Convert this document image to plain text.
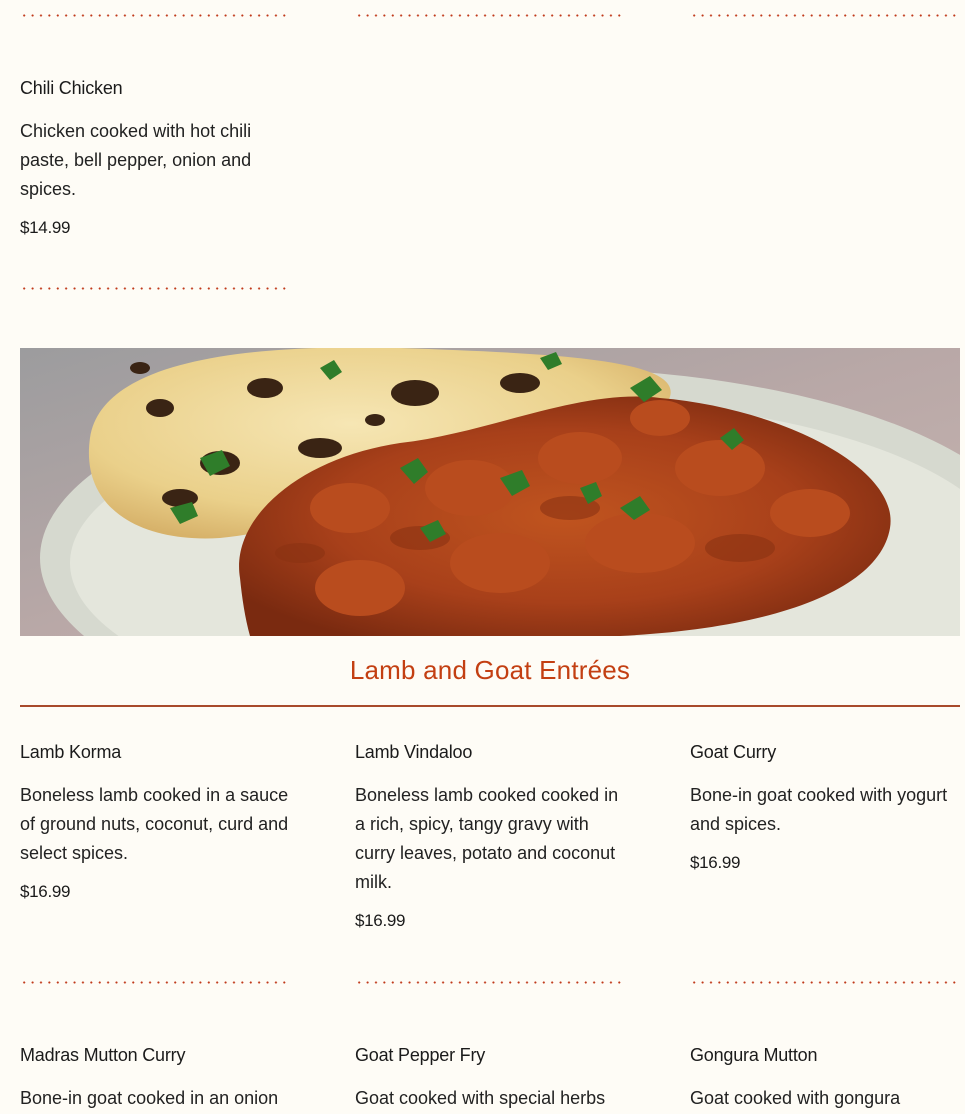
Chili Chicken

Chicken cooked with hot chili paste, bell pepper, onion and spices.

$14.99

Lamb and Goat Entrées
Lamb Korma

Boneless lamb cooked in a sauce of ground nuts, coconut, curd and select spices.

$16.99

Lamb Vindaloo

Boneless lamb cooked cooked in a rich, spicy, tangy gravy with curry leaves, potato and coconut milk.

$16.99

Goat Curry

Bone-in goat cooked with yogurt and spices.

$16.99

Madras Mutton Curry

Bone-in goat cooked in an onion

Goat Pepper Fry

Goat cooked with special herbs

Gongura Mutton

Goat cooked with gongura
